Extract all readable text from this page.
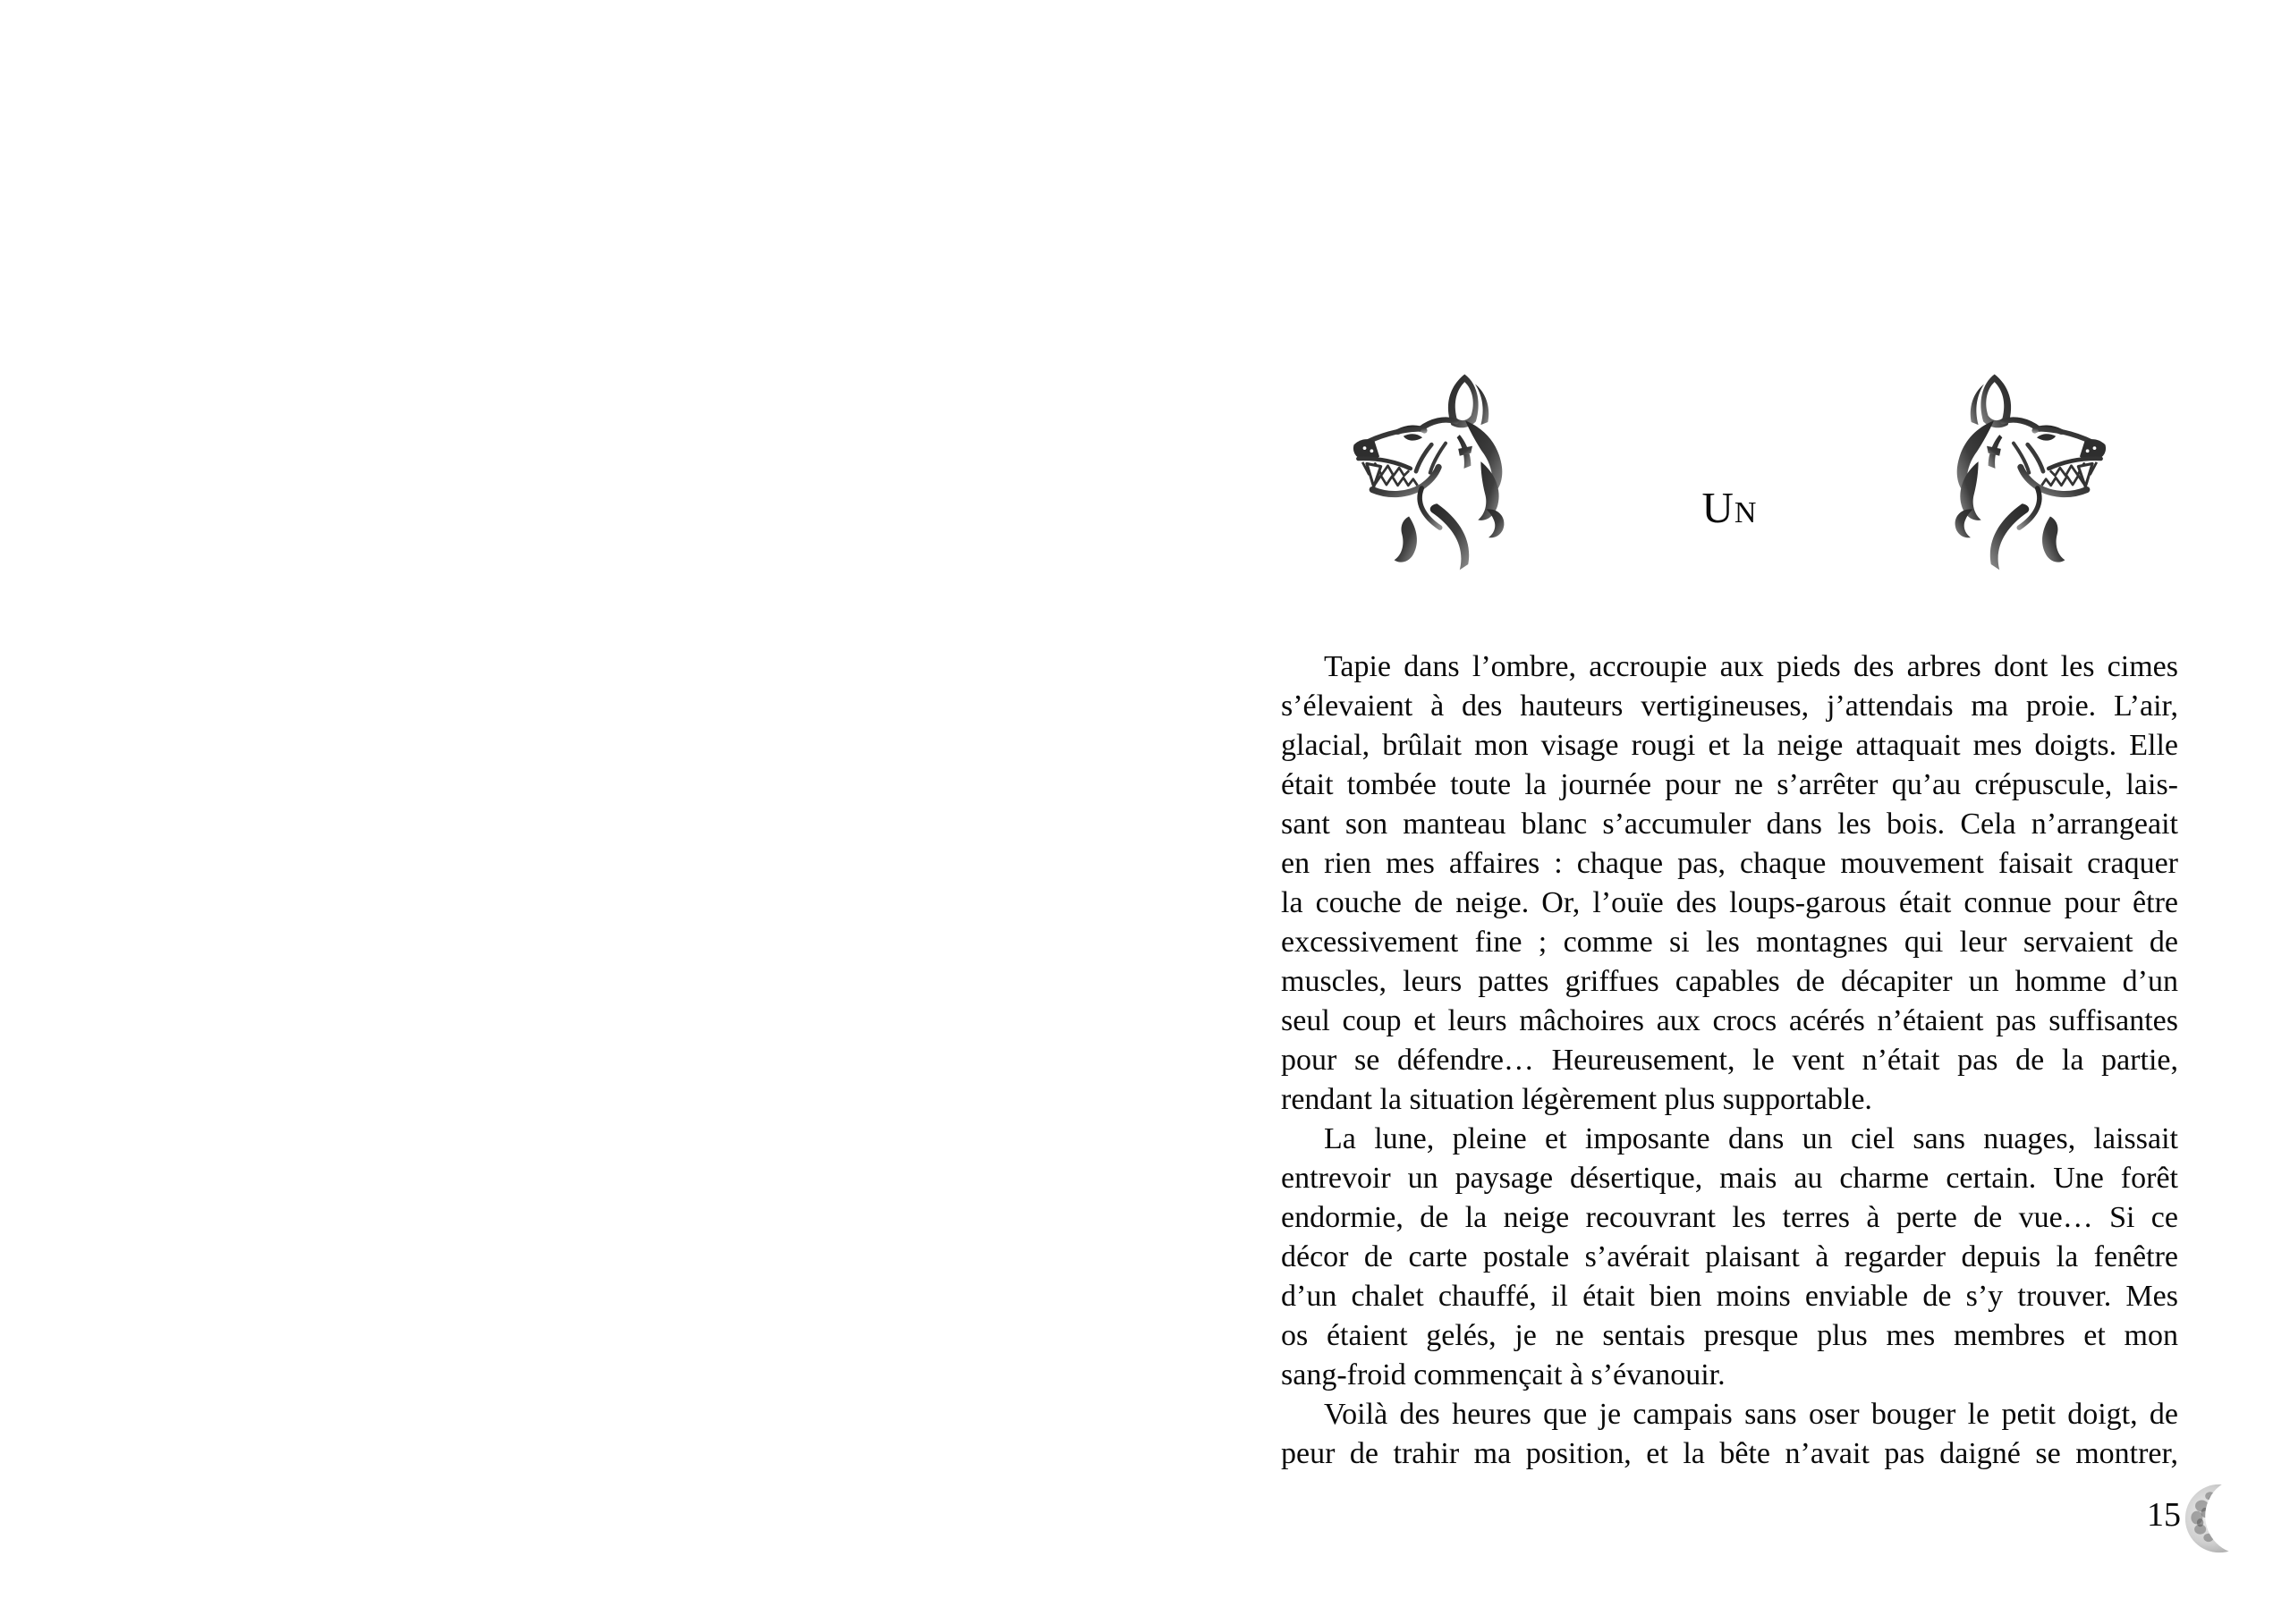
Un
Tapie dans l’ombre, accroupie aux pieds des arbres dont les cimes
s’élevaient à des hauteurs vertigineuses, j’attendais ma proie. L’air,
glacial, brûlait mon visage rougi et la neige attaquait mes doigts. Elle
était tombée toute la journée pour ne s’arrêter qu’au crépuscule, lais-
sant son manteau blanc s’accumuler dans les bois. Cela n’arrangeait
en rien mes affaires : chaque pas, chaque mouvement faisait craquer
la couche de neige. Or, l’ouïe des loups-garous était connue pour être
excessivement fine ; comme si les montagnes qui leur servaient de
muscles, leurs pattes griffues capables de décapiter un homme d’un
seul coup et leurs mâchoires aux crocs acérés n’étaient pas suffisantes
pour se défendre… Heureusement, le vent n’était pas de la partie,
rendant la situation légèrement plus supportable.
La lune, pleine et imposante dans un ciel sans nuages, laissait
entrevoir un paysage désertique, mais au charme certain. Une forêt
endormie, de la neige recouvrant les terres à perte de vue… Si ce
décor de carte postale s’avérait plaisant à regarder depuis la fenêtre
d’un chalet chauffé, il était bien moins enviable de s’y trouver. Mes
os étaient gelés, je ne sentais presque plus mes membres et mon
sang-froid commençait à s’évanouir.
Voilà des heures que je campais sans oser bouger le petit doigt, de
peur de trahir ma position, et la bête n’avait pas daigné se montrer,
15
